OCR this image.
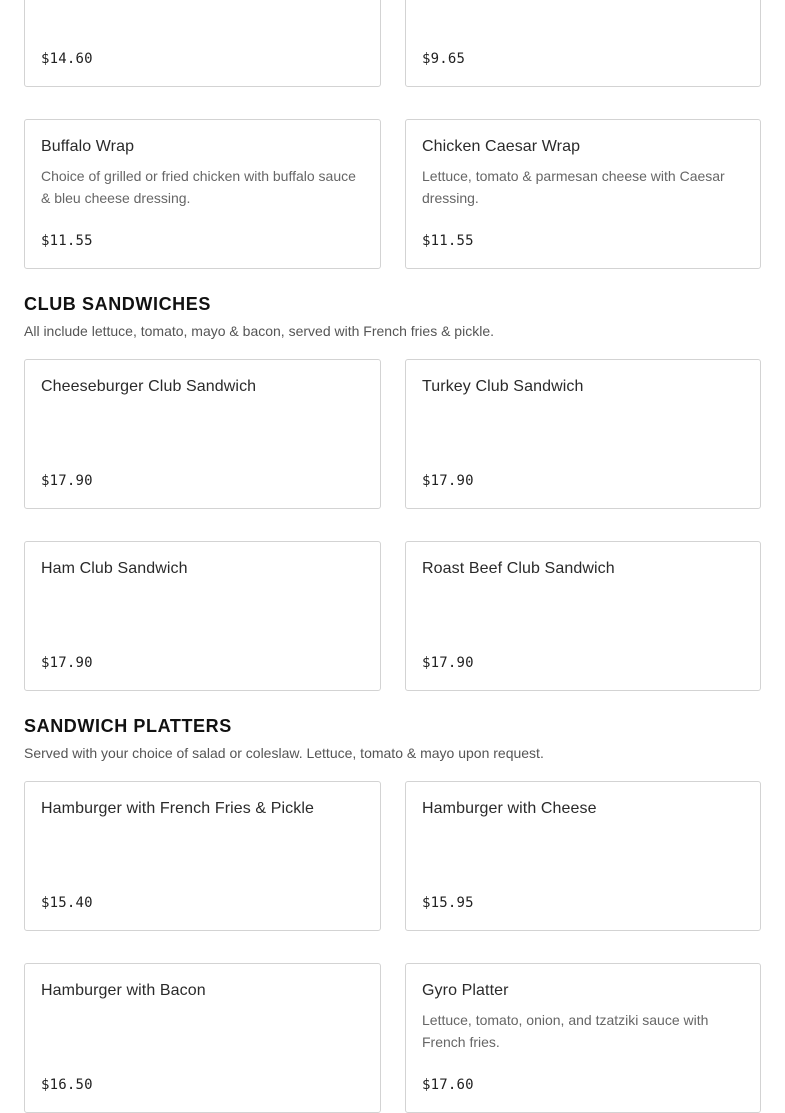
$14.60	$9.65
Buffalo Wrap
Choice of grilled or fried chicken with buffalo sauce & bleu cheese dressing.
$11.55
Chicken Caesar Wrap
Lettuce, tomato & parmesan cheese with Caesar dressing.
$11.55
CLUB SANDWICHES

All include lettuce, tomato, mayo & bacon, served with French fries & pickle.

Cheeseburger Club Sandwich
$17.90
Turkey Club Sandwich
$17.90
Ham Club Sandwich
$17.90
Roast Beef Club Sandwich
$17.90
SANDWICH PLATTERS

Served with your choice of salad or coleslaw. Lettuce, tomato & mayo upon request.

Hamburger with French Fries & Pickle
$15.40
Hamburger with Cheese
$15.95
Hamburger with Bacon
$16.50
Gyro Platter
Lettuce, tomato, onion, and tzatziki sauce with French fries.
$17.60
